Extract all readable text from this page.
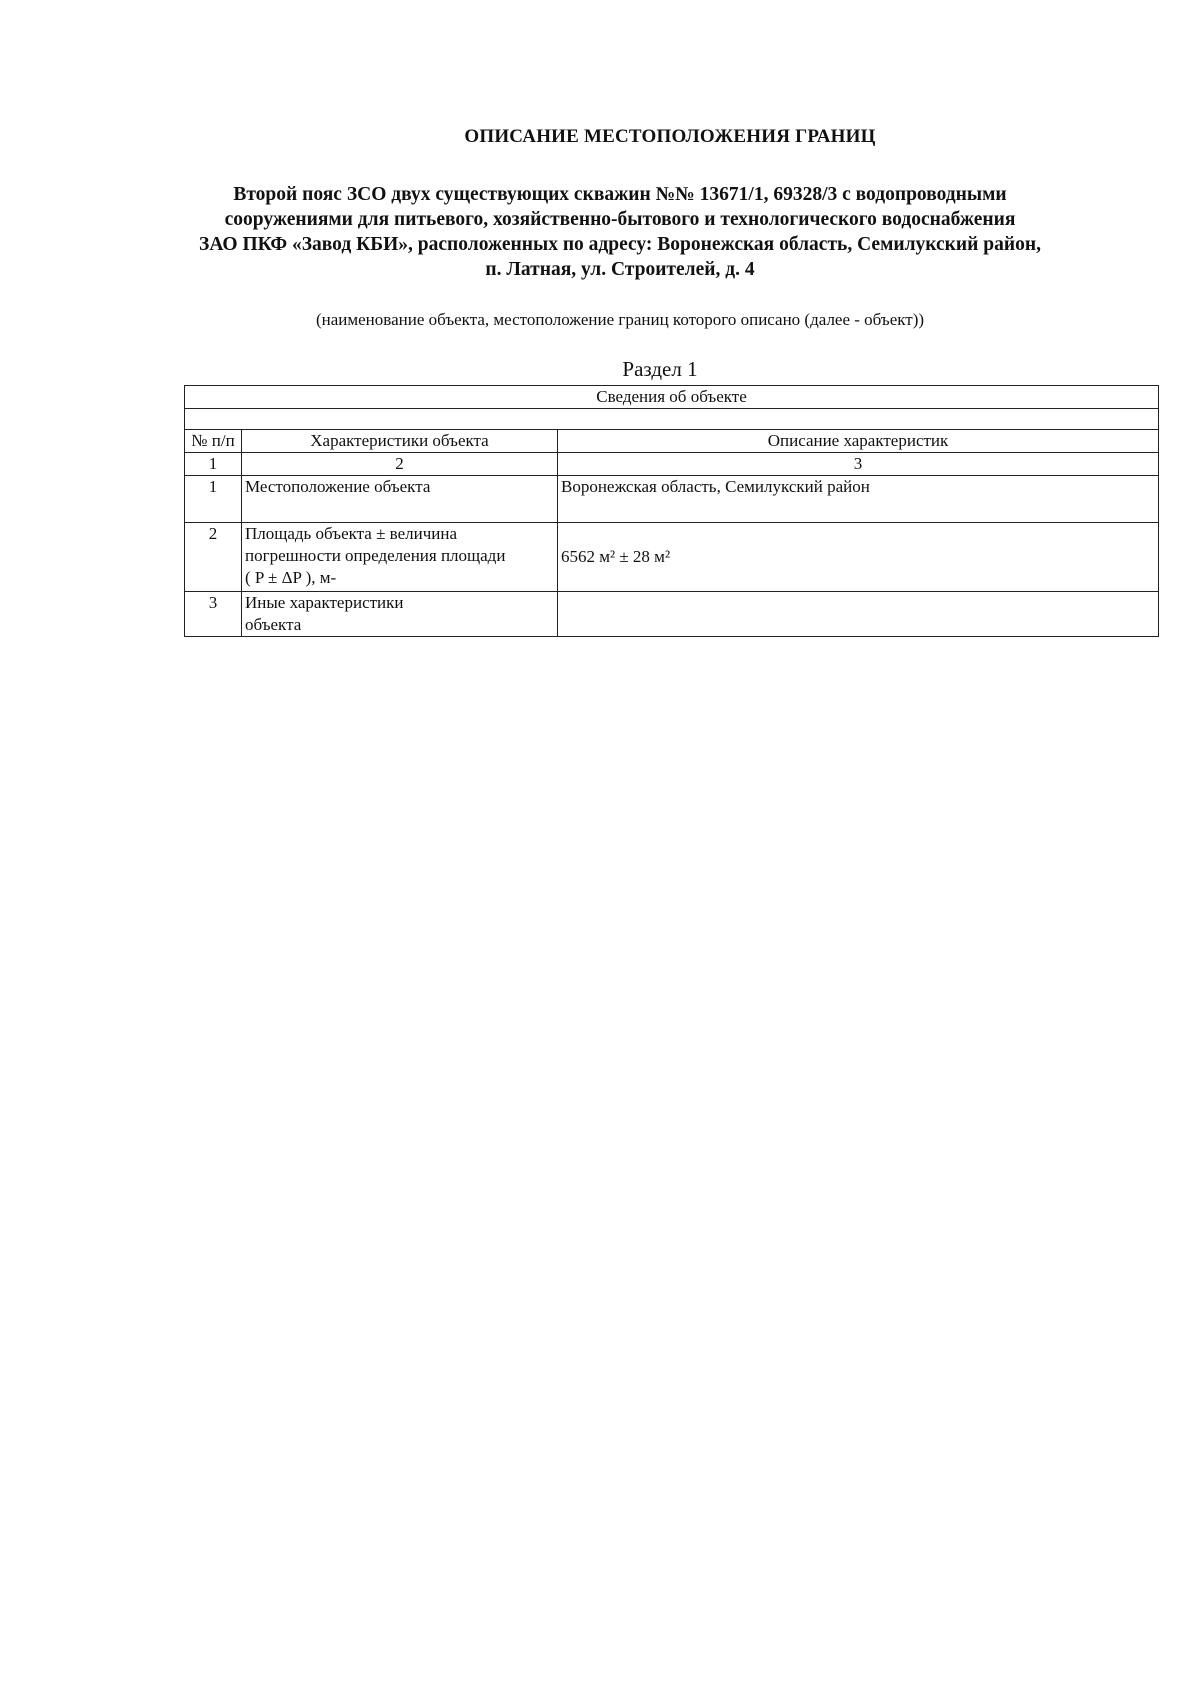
ОПИСАНИЕ МЕСТОПОЛОЖЕНИЯ ГРАНИЦ
Второй пояс ЗСО двух существующих скважин №№ 13671/1, 69328/3 с водопроводными
сооружениями для питьевого, хозяйственно-бытового и технологического водоснабжения
ЗАО ПКФ «Завод КБИ», расположенных по адресу: Воронежская область, Семилукский район,
п. Латная, ул. Строителей, д. 4
(наименование объекта, местоположение границ которого описано (далее - объект))
Раздел 1
Сведения об объекте		

№ п/п	Характеристики объекта	Описание характеристик
1	2	3
1	Местоположение объекта	Воронежская область, Семилукский район
2	Площадь объекта ± величина
погрешности определения площади
( P ± ΔP ), м-	6562 м² ± 28 м²
3	Иные характеристики
объекта	
